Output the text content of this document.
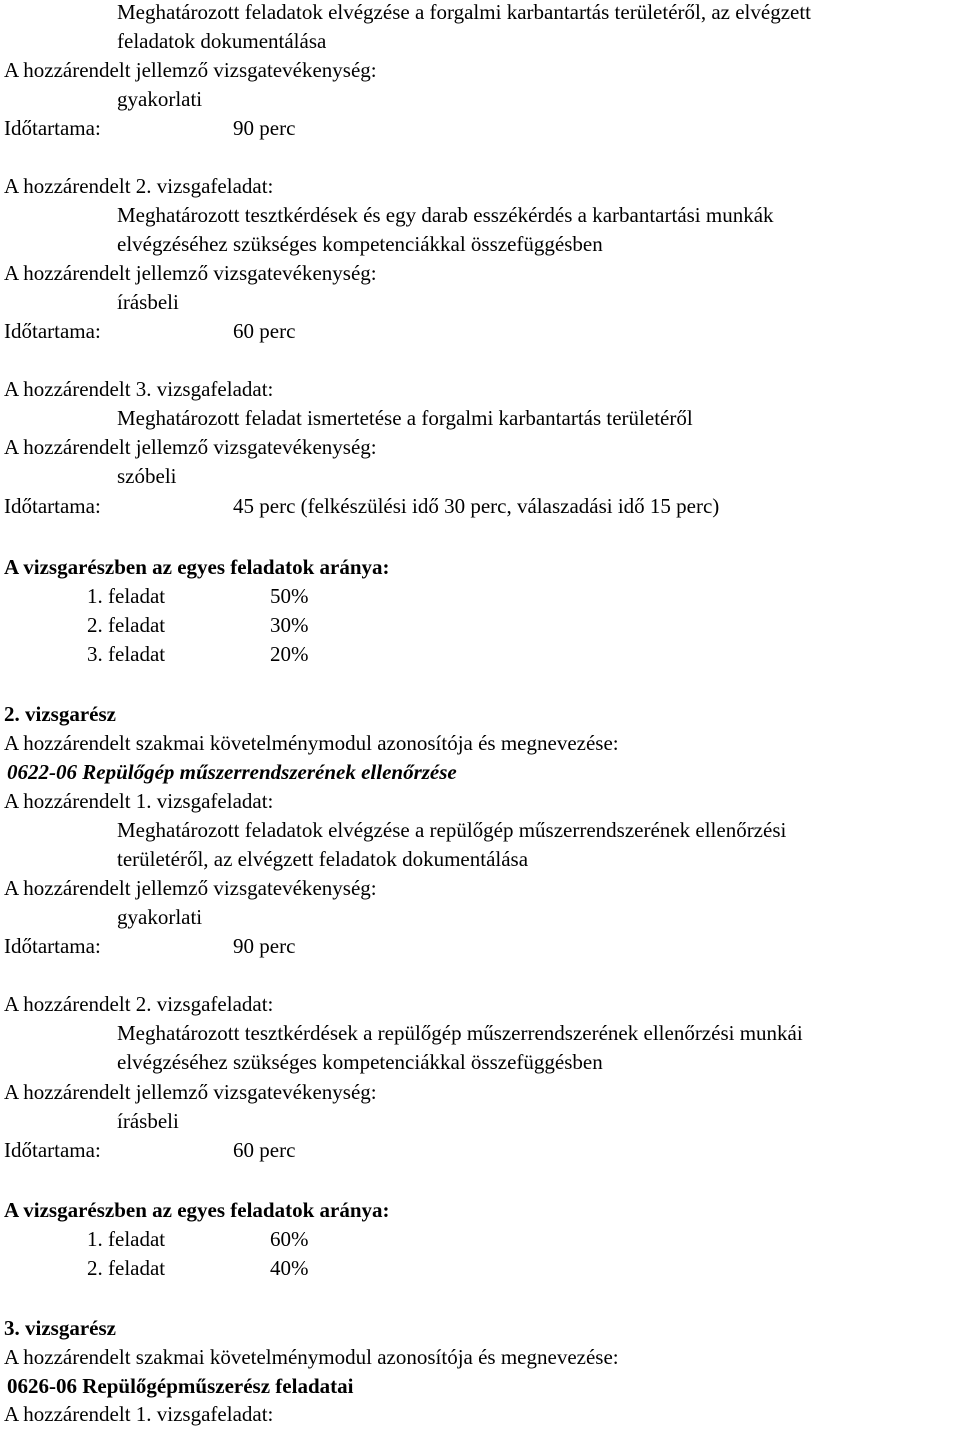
Meghatározott feladatok elvégzése a forgalmi karbantartás területéről, az elvégzett
feladatok dokumentálása
A hozzárendelt jellemző vizsgatevékenység:
gyakorlati
Időtartama:	90 perc
A hozzárendelt 2. vizsgafeladat:
Meghatározott tesztkérdések és egy darab esszékérdés a karbantartási munkák
elvégzéséhez szükséges kompetenciákkal összefüggésben
A hozzárendelt jellemző vizsgatevékenység:
írásbeli
Időtartama:	60 perc
A hozzárendelt 3. vizsgafeladat:
Meghatározott feladat ismertetése a forgalmi karbantartás területéről
A hozzárendelt jellemző vizsgatevékenység:
szóbeli
Időtartama:	45 perc (felkészülési idő 30 perc, válaszadási idő 15 perc)
A vizsgarészben az egyes feladatok aránya:
1. feladat	50%
2. feladat	30%
3. feladat	20%
2. vizsgarész
A hozzárendelt szakmai követelménymodul azonosítója és megnevezése:
0622-06 Repülőgép műszerrendszerének ellenőrzése
A hozzárendelt 1. vizsgafeladat:
Meghatározott feladatok elvégzése a repülőgép műszerrendszerének ellenőrzési
területéről, az elvégzett feladatok dokumentálása
A hozzárendelt jellemző vizsgatevékenység:
gyakorlati
Időtartama:	90 perc
A hozzárendelt 2. vizsgafeladat:
Meghatározott tesztkérdések a repülőgép műszerrendszerének ellenőrzési munkái
elvégzéséhez szükséges kompetenciákkal összefüggésben
A hozzárendelt jellemző vizsgatevékenység:
írásbeli
Időtartama:	60 perc
A vizsgarészben az egyes feladatok aránya:
1. feladat	60%
2. feladat	40%
3. vizsgarész
A hozzárendelt szakmai követelménymodul azonosítója és megnevezése:
0626-06 Repülőgépműszerész feladatai
A hozzárendelt 1. vizsgafeladat:
